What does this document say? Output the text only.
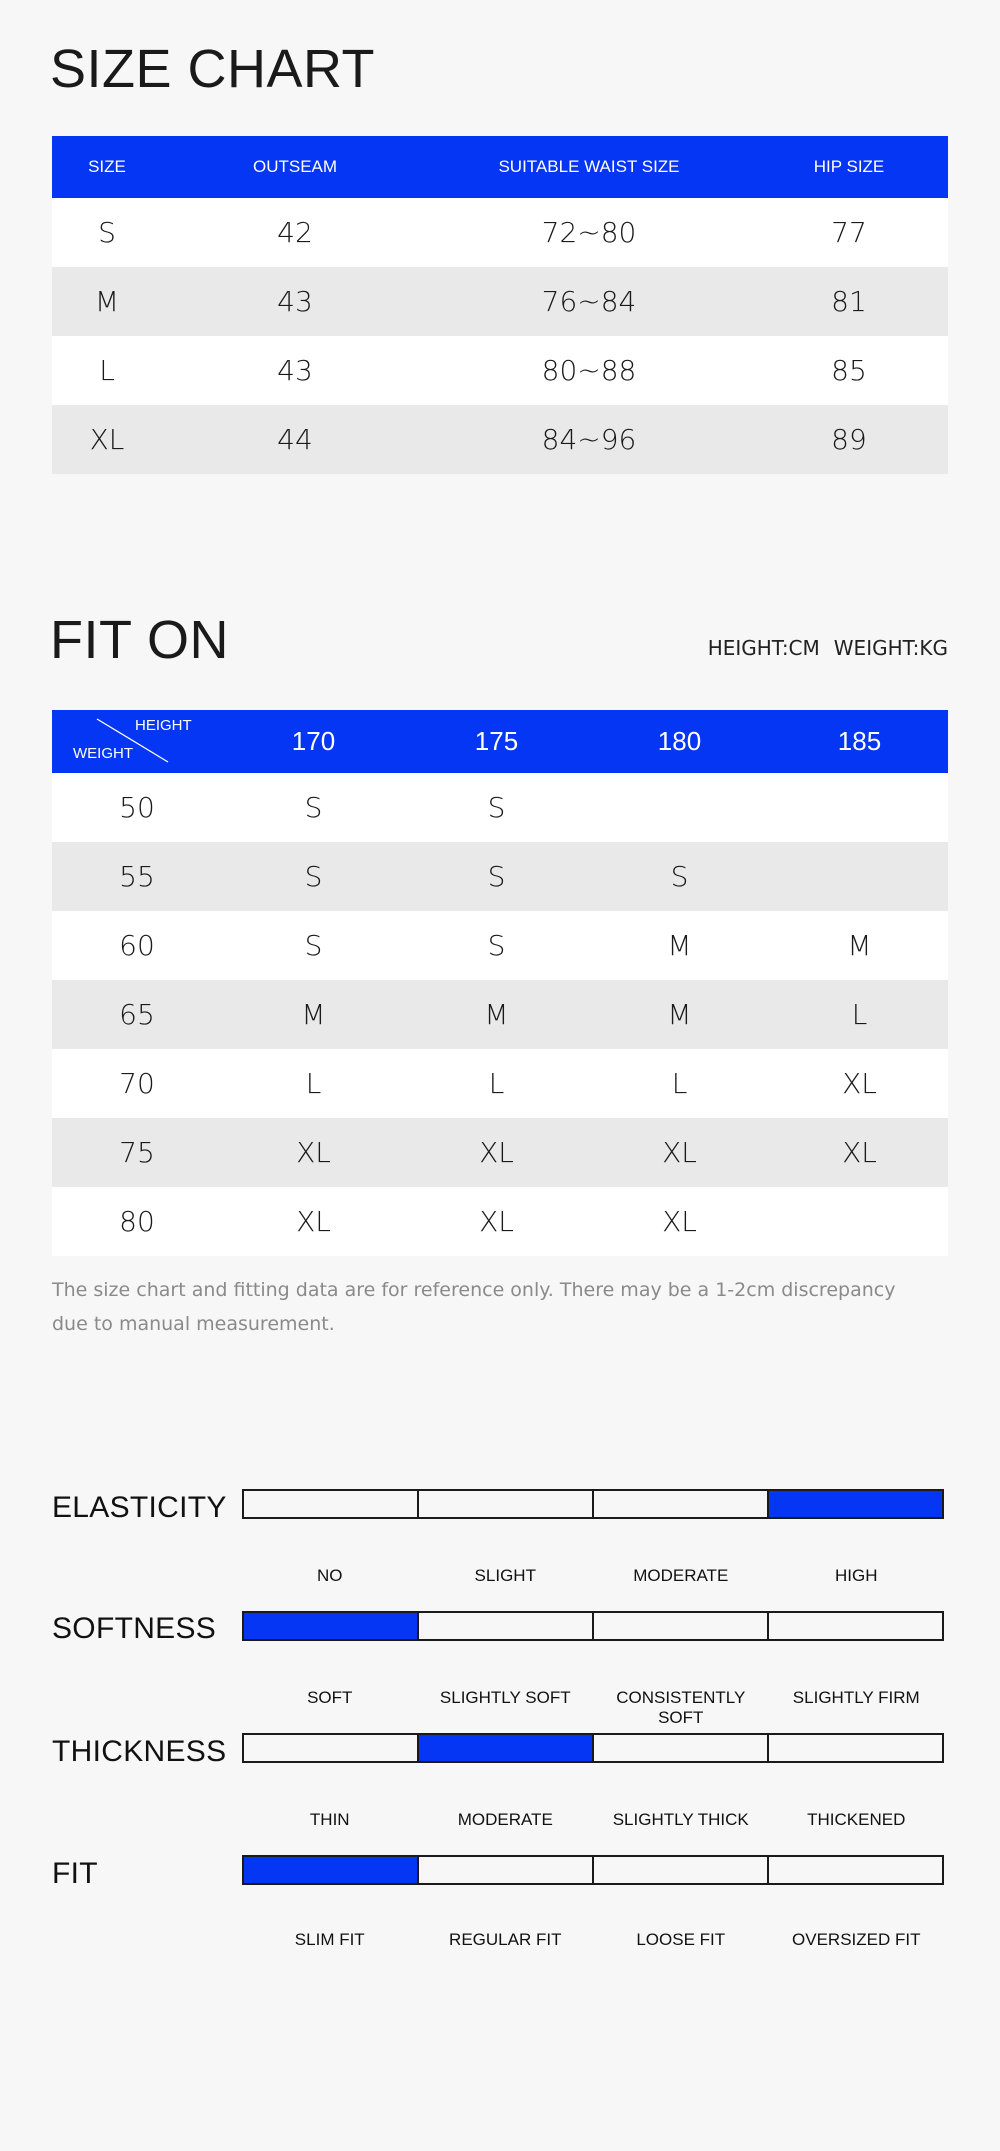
SIZE CHART
SIZE	OUTSEAM	SUITABLE WAIST SIZE	HIP SIZE
S	42	72~80	77
M	43	76~84	81
L	43	80~88	85
XL	44	84~96	89
FIT ON	HEIGHT:CM WEIGHT:KG
HEIGHT
WEIGHT	170	175	180	185
50	S	S		
55	S	S	S	
60	S	S	M	M
65	M	M	M	L
70	L	L	L	XL
75	XL	XL	XL	XL
80	XL	XL	XL	

The size chart and fitting data are for reference only. There may be a 1-2cm discrepancy due to manual measurement.

ELASTICITY
NO	SLIGHT	MODERATE	HIGH
SOFTNESS
SOFT	SLIGHTLY SOFT	CONSISTENTLY SOFT
SLIGHTLY FIRM
THICKNESS
THIN	MODERATE	SLIGHTLY THICK	THICKENED
FIT
SLIM FIT	REGULAR FIT	LOOSE FIT	OVERSIZED FIT
